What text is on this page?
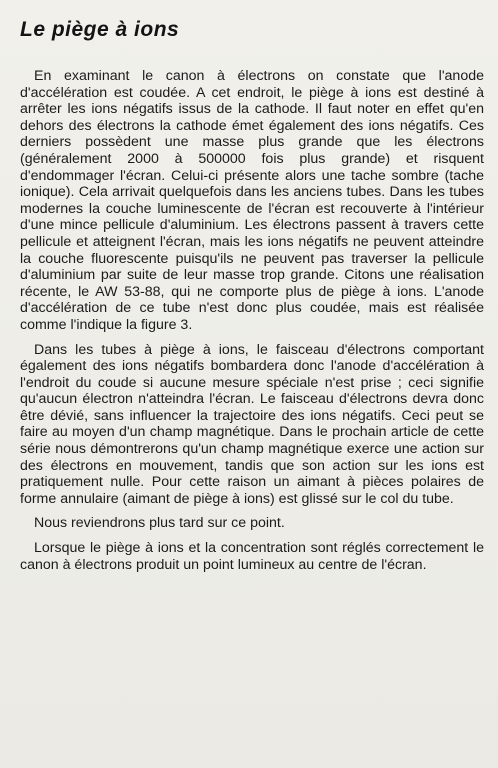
Le piège à ions

En examinant le canon à électrons on constate que l'anode d'accélération est coudée. A cet endroit, le piège à ions est destiné à arrêter les ions négatifs issus de la cathode. Il faut noter en effet qu'en dehors des électrons la cathode émet également des ions négatifs. Ces derniers possèdent une masse plus grande que les électrons (généralement 2000 à 500000 fois plus grande) et risquent d'endommager l'écran. Celui-ci présente alors une tache sombre (tache ionique). Cela arrivait quelquefois dans les anciens tubes. Dans les tubes modernes la couche luminescente de l'écran est recouverte à l'intérieur d'une mince pellicule d'aluminium. Les électrons passent à travers cette pellicule et atteignent l'écran, mais les ions négatifs ne peuvent atteindre la couche fluorescente puisqu'ils ne peuvent pas traverser la pellicule d'aluminium par suite de leur masse trop grande. Citons une réalisation récente, le AW 53-88, qui ne comporte plus de piège à ions. L'anode d'accélération de ce tube n'est donc plus coudée, mais est réalisée comme l'indique la figure 3.

Dans les tubes à piège à ions, le faisceau d'électrons comportant également des ions négatifs bombardera donc l'anode d'accélération à l'endroit du coude si aucune mesure spéciale n'est prise ; ceci signifie qu'aucun électron n'atteindra l'écran. Le faisceau d'électrons devra donc être dévié, sans influencer la trajectoire des ions négatifs. Ceci peut se faire au moyen d'un champ magnétique. Dans le prochain article de cette série nous démontrerons qu'un champ magnétique exerce une action sur des électrons en mouvement, tandis que son action sur les ions est pratiquement nulle. Pour cette raison un aimant à pièces polaires de forme annulaire (aimant de piège à ions) est glissé sur le col du tube.

Nous reviendrons plus tard sur ce point.

Lorsque le piège à ions et la concentration sont réglés correctement le canon à électrons produit un point lumineux au centre de l'écran.
